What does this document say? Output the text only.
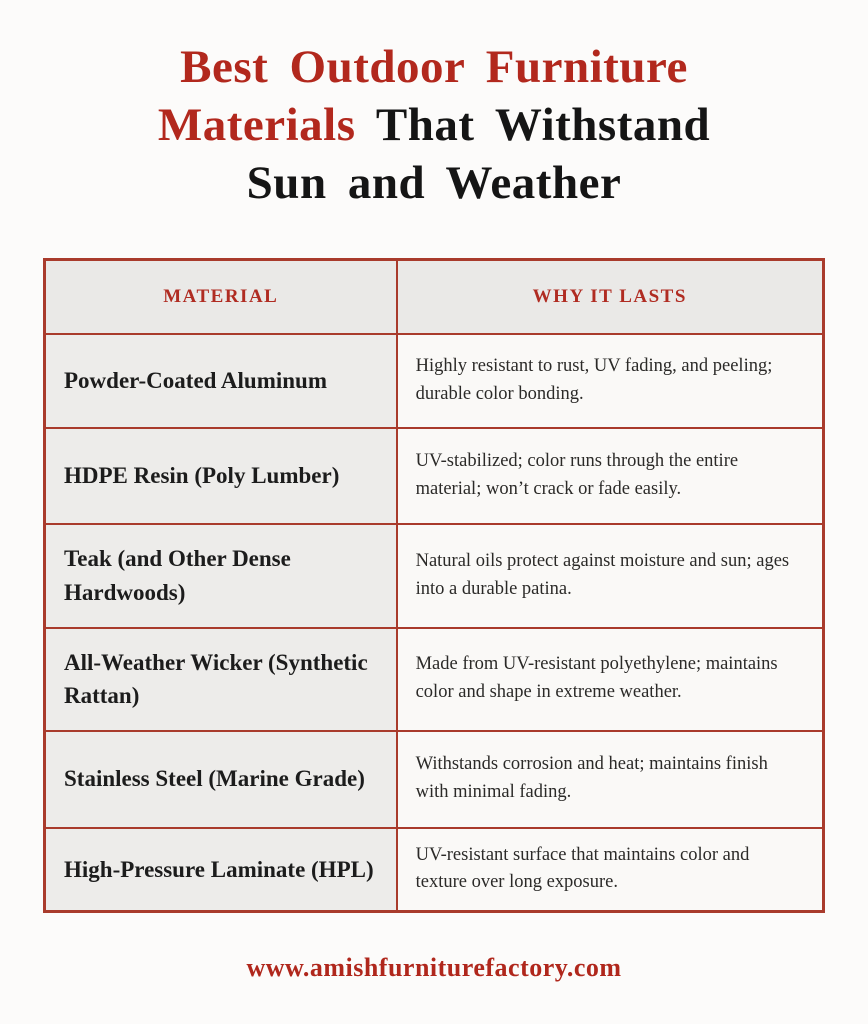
Best Outdoor Furniture
Materials That Withstand
Sun and Weather
MATERIAL	WHY IT LASTS
Powder-Coated Aluminum	Highly resistant to rust, UV fading, and peeling; durable color bonding.
HDPE Resin (Poly Lumber)	UV-stabilized; color runs through the entire material; won’t crack or fade easily.
Teak (and Other Dense Hardwoods)	Natural oils protect against moisture and sun; ages into a durable patina.
All-Weather Wicker (Synthetic Rattan)	Made from UV-resistant polyethylene; maintains color and shape in extreme weather.
Stainless Steel (Marine Grade)	Withstands corrosion and heat; maintains finish with minimal fading.
High-Pressure Laminate (HPL)	UV-resistant surface that maintains color and texture over long exposure.
www.amishfurniturefactory.com
